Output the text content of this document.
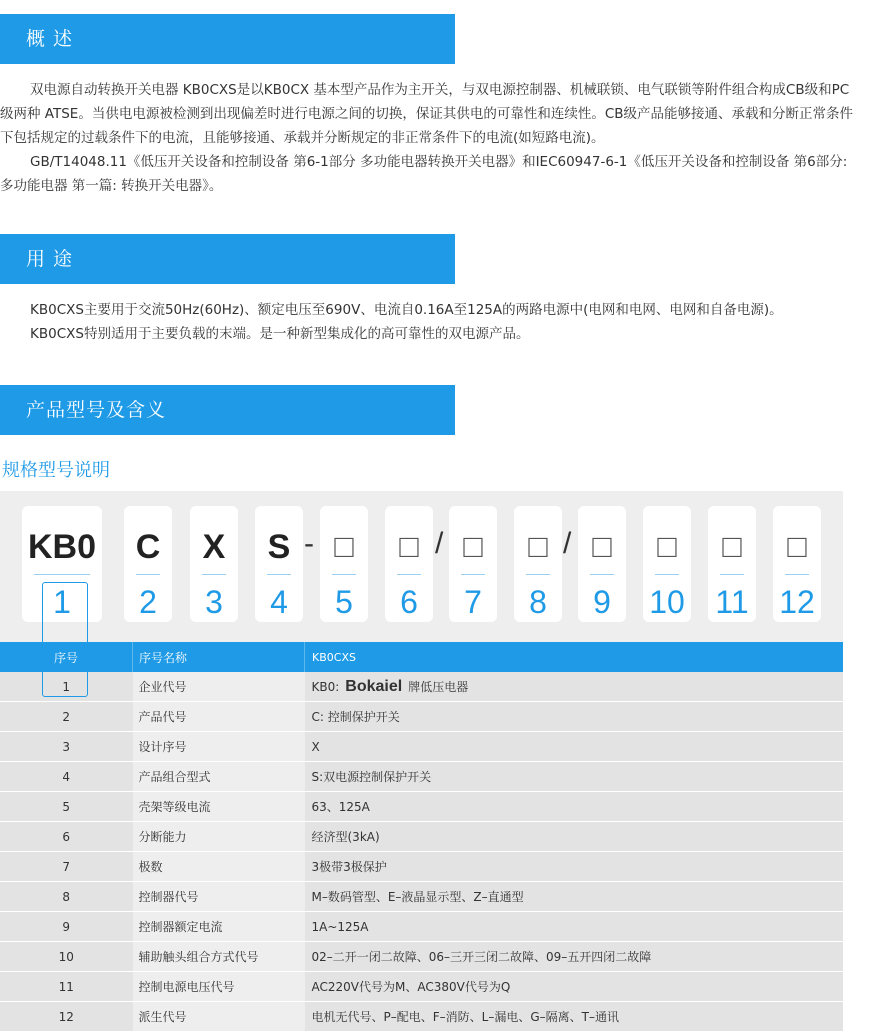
概 述

双电源自动转换开关电器 KB0CXS是以KB0CX 基本型产品作为主开关，与双电源控制器、机械联锁、电气联锁等附件组合构成CB级和PC级两种 ATSE。当供电电源被检测到出现偏差时进行电源之间的切换，保证其供电的可靠性和连续性。CB级产品能够接通、承载和分断正常条件下包括规定的过载条件下的电流，且能够接通、承载并分断规定的非正常条件下的电流(如短路电流)。

GB/T14048.11《低压开关设备和控制设备 第6-1部分 多功能电器转换开关电器》和IEC60947-6-1《低压开关设备和控制设备 第6部分: 多功能电器 第一篇: 转换开关电器》。

用 途

KB0CXS主要用于交流50Hz(60Hz)、额定电压至690V、电流自0.16A至125A的两路电源中(电网和电网、电网和自备电源)。

KB0CXS特别适用于主要负载的末端。是一种新型集成化的高可靠性的双电源产品。

产品型号及含义
规格型号说明
KB0
1
C
2
X
3
S
4
- □
5
□
6
/ □
7
□
8
/ □
9
□
10
□
11
□
12
序号	序号名称	KB0CXS
1	企业代号	KB0: Bokaiel 牌低压电器
2	产品代号	C: 控制保护开关
3	设计序号	X
4	产品组合型式	S:双电源控制保护开关
5	壳架等级电流	63、125A
6	分断能力	经济型(3kA)
7	极数	3极带3极保护
8	控制器代号	M–数码管型、E–液晶显示型、Z–直通型
9	控制器额定电流	1A~125A
10	辅助触头组合方式代号	02–二开一闭二故障、06–三开三闭二故障、09–五开四闭二故障
11	控制电源电压代号	AC220V代号为M、AC380V代号为Q
12	派生代号	电机无代号、P–配电、F–消防、L–漏电、G–隔离、T–通讯
